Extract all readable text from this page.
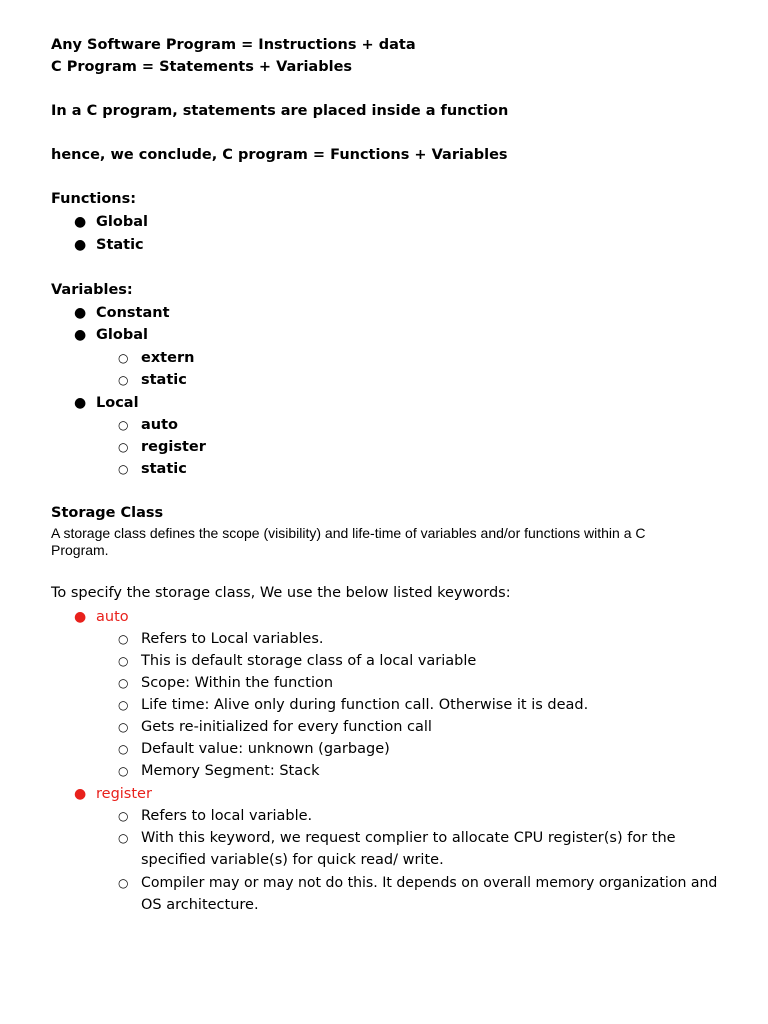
Any Software Program = Instructions + data
C Program = Statements + Variables
In a C program, statements are placed inside a function
hence, we conclude, C program = Functions + Variables
Functions:
● Global
● Static
Variables:
● Constant
● Global
○ extern
○ static
● Local
○ auto
○ register
○ static
Storage Class
A storage class defines the scope (visibility) and life-time of variables and/or functions within a C
Program.
To specify the storage class, We use the below listed keywords:
● auto
○ Refers to Local variables.
○ This is default storage class of a local variable
○ Scope: Within the function
○ Life time: Alive only during function call. Otherwise it is dead.
○ Gets re-initialized for every function call
○ Default value: unknown (garbage)
○ Memory Segment: Stack
● register
○ Refers to local variable.
○ With this keyword, we request complier to allocate CPU register(s) for the
specified variable(s) for quick read/ write.
○ Compiler may or may not do this. It depends on overall memory organization and
OS architecture.
